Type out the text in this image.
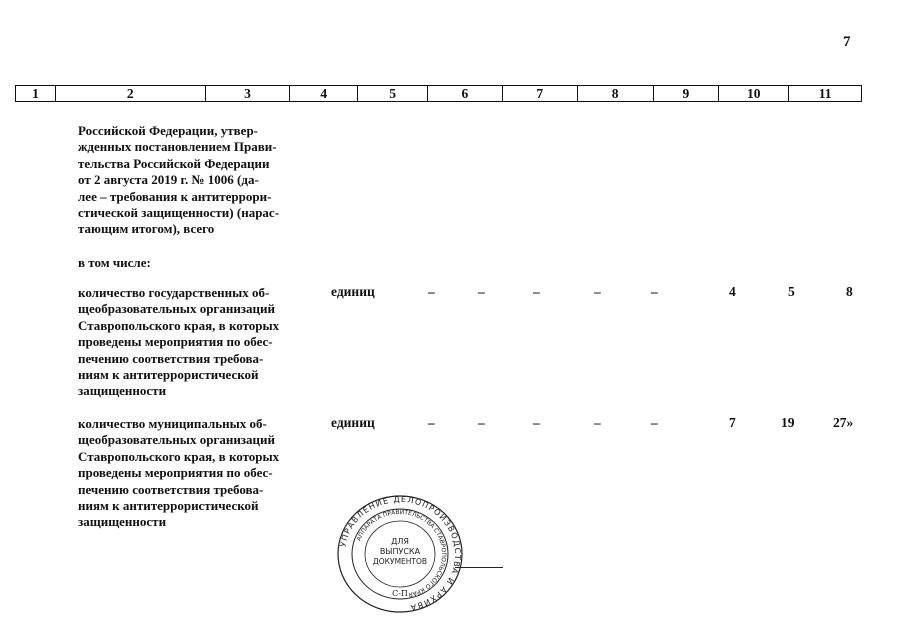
7
1	2	3	4	5	6	7	8	9	10	11
Российской Федерации, утвер-
жденных постановлением Прави-
тельства Российской Федерации
от 2 августа 2019 г. № 1006 (да-
лее – требования к антитеррори-
стической защищенности) (нарас-
тающим итогом), всего
в том числе:
количество государственных об-
щеобразовательных организаций
Ставропольского края, в которых
проведены мероприятия по обес-
печению соответствия требова-
ниям к антитеррористической
защищенности
единиц	–	–	–	–	–	4	5	8
количество муниципальных об-
щеобразовательных организаций
Ставропольского края, в которых
проведены мероприятия по обес-
печению соответствия требова-
ниям к антитеррористической
защищенности
единиц	–	–	–	–	–	7	19	27»
УПРАВЛЕНИЕ ДЕЛОПРОИЗВОДСТВА И АРХИВА
АППАРАТА ПРАВИТЕЛЬСТВА СТАВРОПОЛЬСКОГО КРАЯ
ДЛЯ
ВЫПУСКА
ДОКУМЕНТОВ
С-П
